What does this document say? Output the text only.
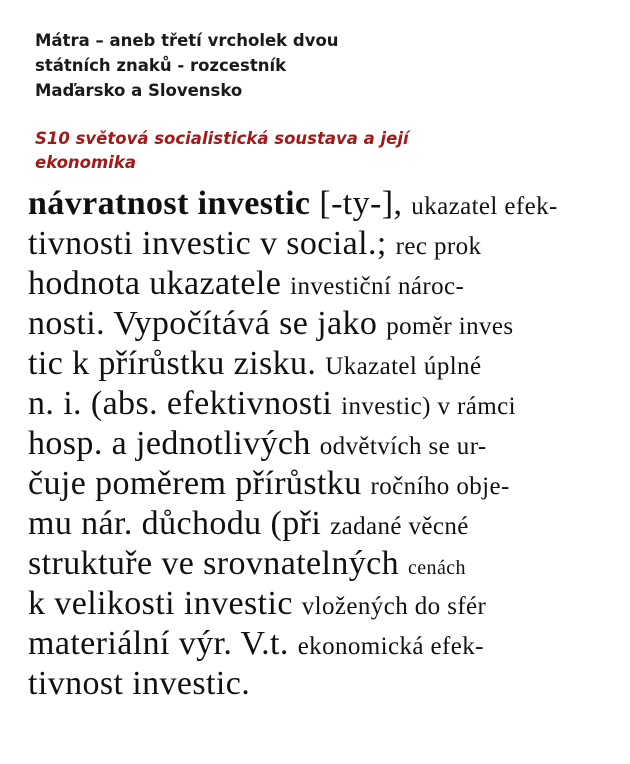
Mátra – aneb třetí vrcholek dvou
státních znaků - rozcestník
Maďarsko a Slovensko
S10 světová socialistická soustava a její
ekonomika
návratnost investic [-ty-], ukazatel efek-
tivnosti investic v social.; rec prok
hodnota ukazatele investiční nároc-
nosti. Vypočítává se jako poměr inves
tic k přírůstku zisku. Ukazatel úplné
n. i. (abs. efektivnosti investic) v rámci
hosp. a jednotlivých odvětvích se ur-
čuje poměrem přírůstku ročního obje-
mu nár. důchodu (při zadané věcné
struktuře ve srovnatelných cenách
k velikosti investic vložených do sfér
materiální výr. V.t. ekonomická efek-
tivnost investic.
